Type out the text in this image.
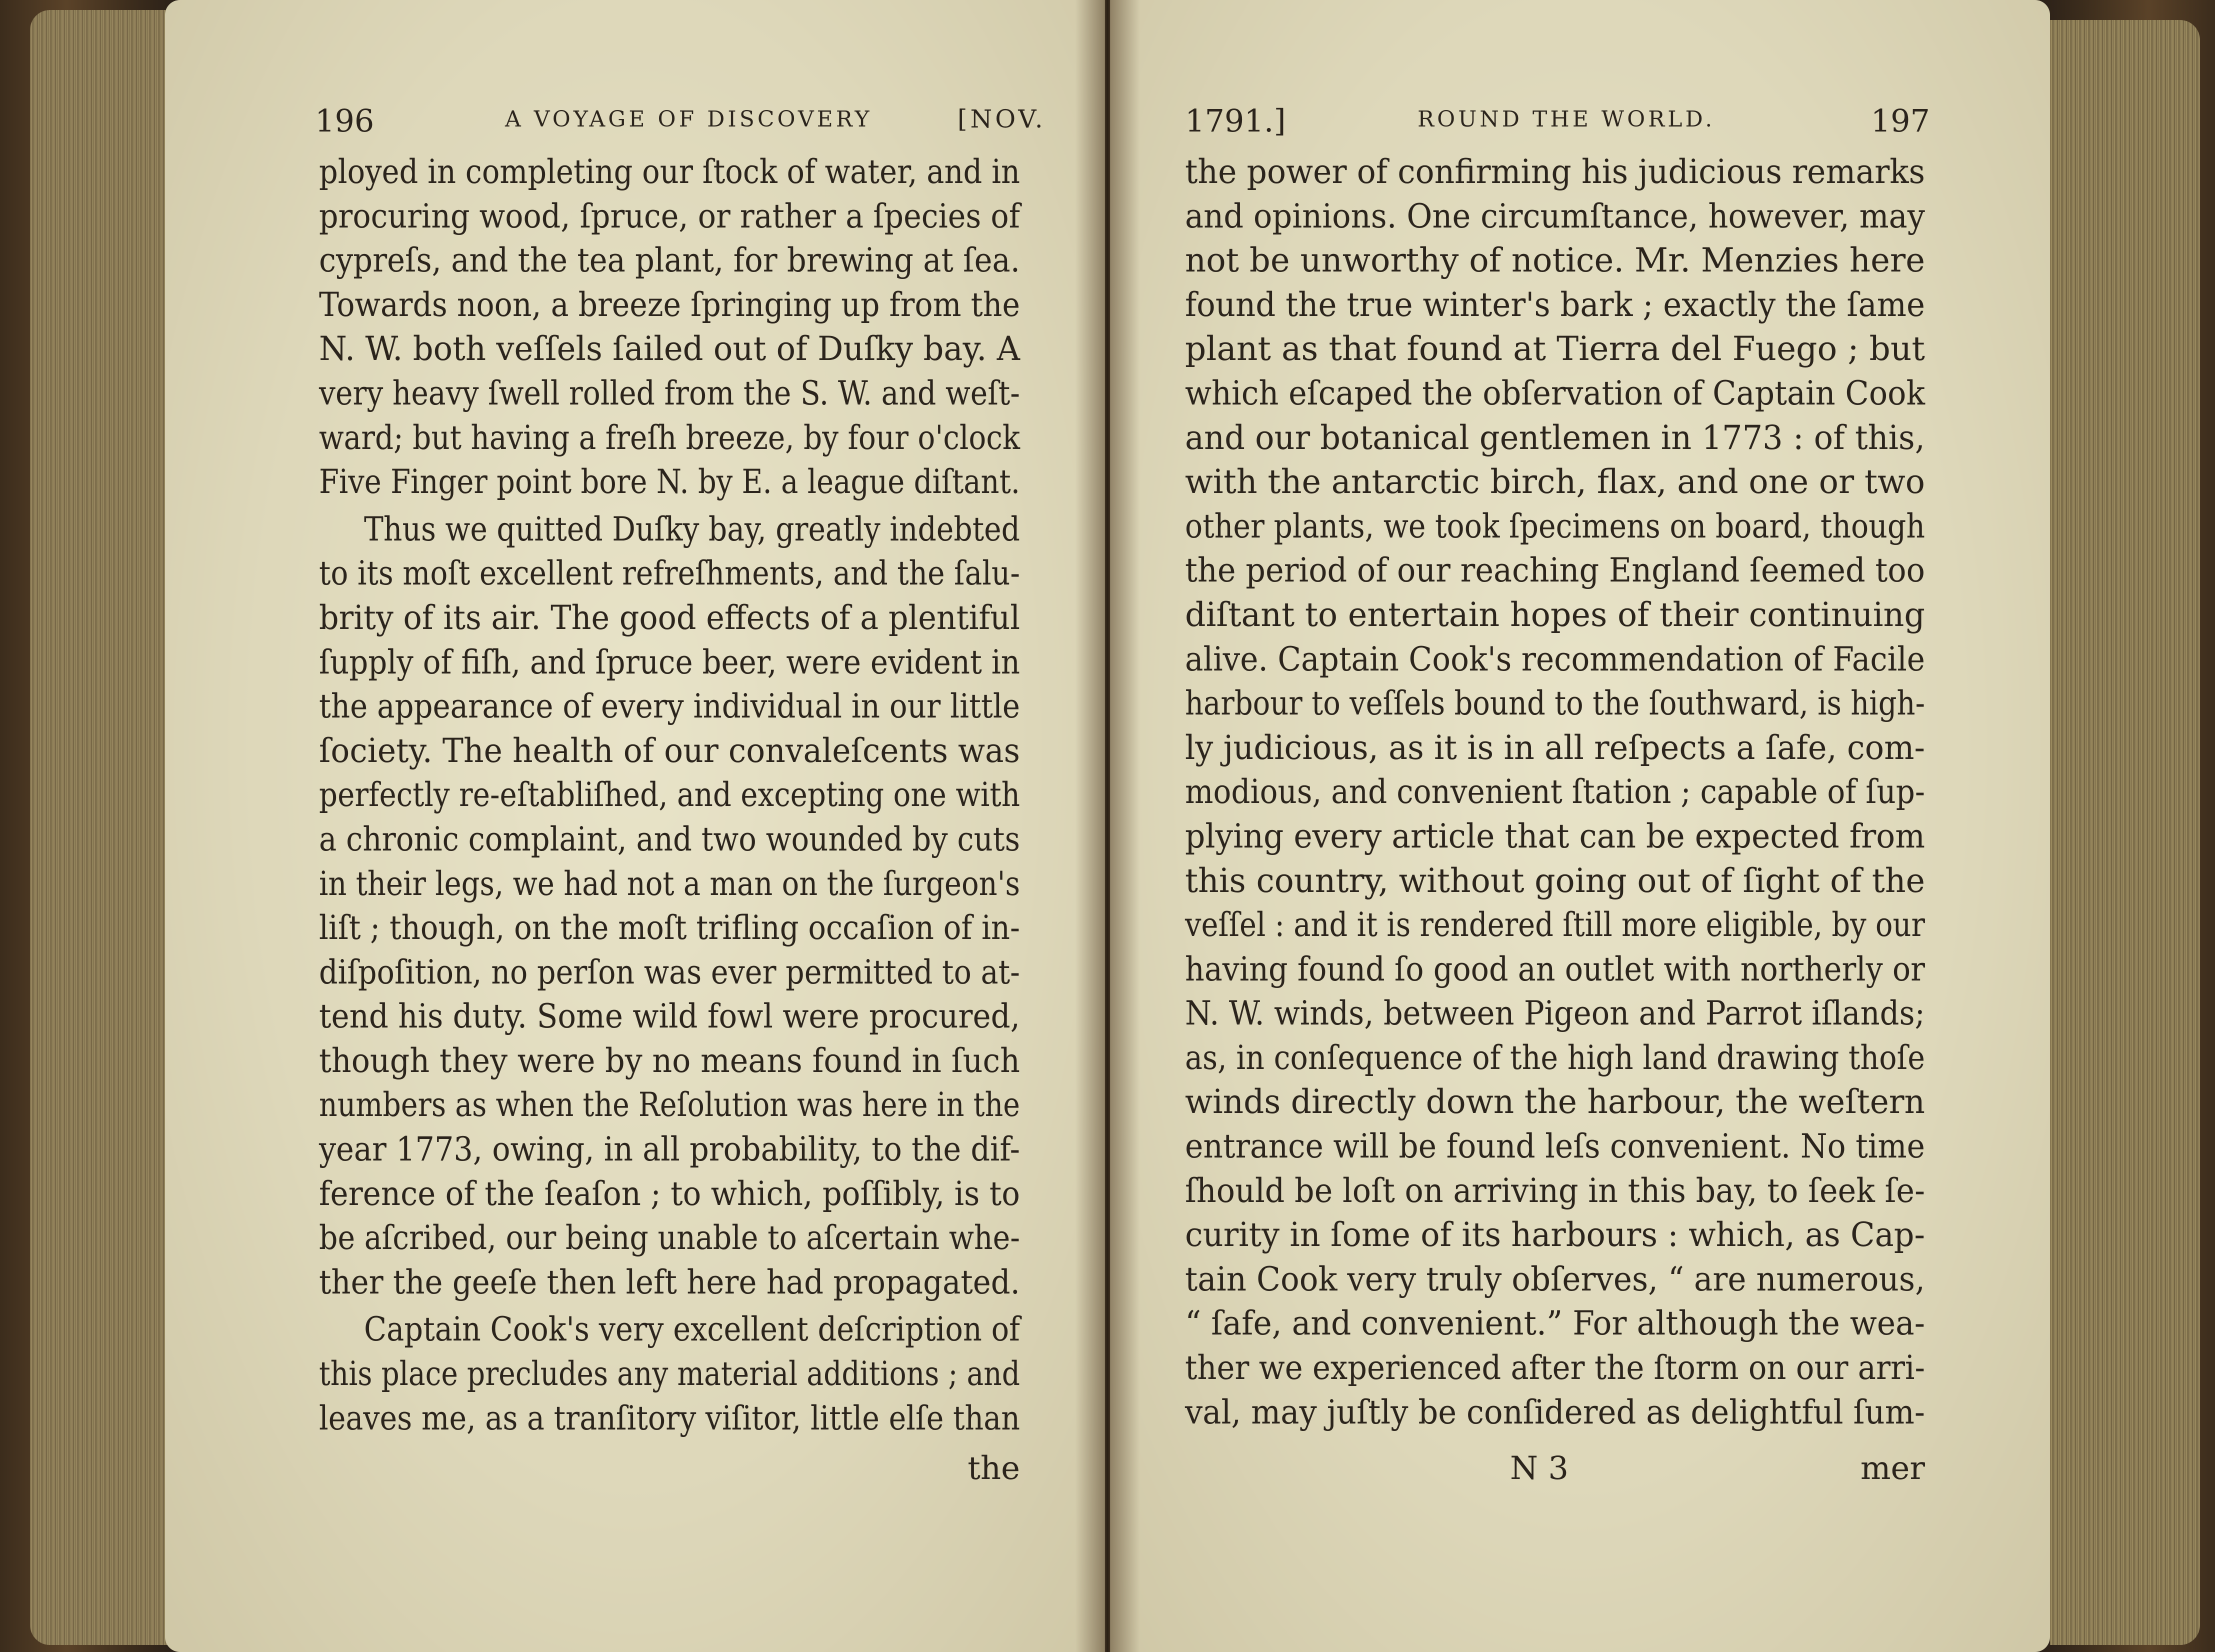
196	A VOYAGE OF DISCOVERY	[NOV.
ployed in completing our ſtock of water, and in
procuring wood, ſpruce, or rather a ſpecies of
cypreſs, and the tea plant, for brewing at ſea.
Towards noon, a breeze ſpringing up from the
N. W. both veſſels ſailed out of Duſky bay. A
very heavy ſwell rolled from the S. W. and weſt-
ward; but having a freſh breeze, by four o'clock
Five Finger point bore N. by E. a league diſtant.
Thus we quitted Duſky bay, greatly indebted
to its moſt excellent refreſhments, and the ſalu-
brity of its air. The good effects of a plentiful
ſupply of fiſh, and ſpruce beer, were evident in
the appearance of every individual in our little
ſociety. The health of our convaleſcents was
perfectly re-eſtabliſhed, and excepting one with
a chronic complaint, and two wounded by cuts
in their legs, we had not a man on the ſurgeon's
liſt ; though, on the moſt trifling occaſion of in-
diſpoſition, no perſon was ever permitted to at-
tend his duty. Some wild fowl were procured,
though they were by no means found in ſuch
numbers as when the Reſolution was here in the
year 1773, owing, in all probability, to the dif-
ference of the ſeaſon ; to which, poſſibly, is to
be aſcribed, our being unable to aſcertain whe-
ther the geeſe then left here had propagated.
Captain Cook's very excellent deſcription of
this place precludes any material additions ; and
leaves me, as a tranſitory viſitor, little elſe than
the
1791.]	ROUND THE WORLD.	197
the power of confirming his judicious remarks
and opinions. One circumſtance, however, may
not be unworthy of notice. Mr. Menzies here
found the true winter's bark ; exactly the ſame
plant as that found at Tierra del Fuego ; but
which eſcaped the obſervation of Captain Cook
and our botanical gentlemen in 1773 : of this,
with the antarctic birch, flax, and one or two
other plants, we took ſpecimens on board, though
the period of our reaching England ſeemed too
diſtant to entertain hopes of their continuing
alive. Captain Cook's recommendation of Facile
harbour to veſſels bound to the ſouthward, is high-
ly judicious, as it is in all reſpects a ſafe, com-
modious, and convenient ſtation ; capable of ſup-
plying every article that can be expected from
this country, without going out of ſight of the
veſſel : and it is rendered ſtill more eligible, by our
having found ſo good an outlet with northerly or
N. W. winds, between Pigeon and Parrot iſlands;
as, in conſequence of the high land drawing thoſe
winds directly down the harbour, the weſtern
entrance will be found leſs convenient. No time
ſhould be loſt on arriving in this bay, to ſeek ſe-
curity in ſome of its harbours : which, as Cap-
tain Cook very truly obſerves, “ are numerous,
“ ſafe, and convenient.” For although the wea-
ther we experienced after the ſtorm on our arri-
val, may juſtly be conſidered as delightful ſum-
N 3	mer
